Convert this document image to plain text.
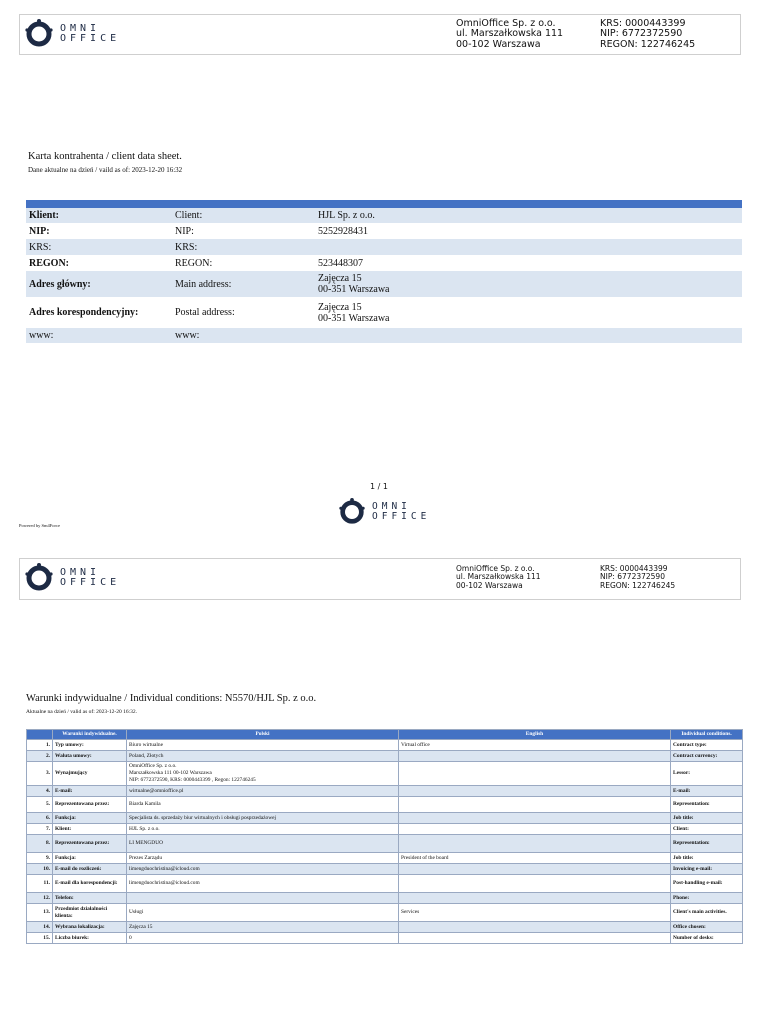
OMNI
OFFICE
OmniOffice Sp. z o.o.
ul. Marszałkowska 111
00-102 Warszawa
KRS: 0000443399
NIP: 6772372590
REGON: 122746245
Karta kontrahenta / client data sheet.
Dane aktualne na dzień / vaild as of: 2023-12-20 16:32

Klient:	Client:	HJL Sp. z o.o.
NIP:	NIP:	5252928431
KRS:	KRS:	
REGON:	REGON:	523448307
Adres główny:	Main address:	Zajęcza 15
00-351 Warszawa

Adres korespondencyjny:	Postal address:	Zajęcza 15
00-351 Warszawa

www:	www:	
1 / 1
OMNI
OFFICE
Powered by Sm4Force
OMNI
OFFICE
OmniOffice Sp. z o.o.
ul. Marszałkowska 111
00-102 Warszawa
KRS: 0000443399
NIP: 6772372590
REGON: 122746245
Warunki indywidualne / Individual conditions: N5570/HJL Sp. z o.o.
Aktualne na dzień / valid as of: 2023-12-20 16:32.
	Warunki indywidualne.	Polski	English	Individual conditions.
1.	Typ umowy:	Biuro wirtualne	Virtual office	Contract type:
2.	Waluta umowy:	Poland, Złotych		Contract currency:
3.	Wynajmujący	OmniOffice Sp. z o.o.
Marszałkowska 111 00-102 Warszawa
NIP: 6772372590, KRS: 0000443399 , Regon: 122746245		Lessor:
4.	E-mail:	wirtualne@omnioffice.pl		E-mail:
5.	Reprezentowana przez:	Biarda Kamila		Representation:
6.	Funkcja:	Specjalista ds. sprzedaży biur wirtualnych i obsługi posprzedażowej		Job title:
7.	Klient:	HJL Sp. z o.o.		Client:
8.	Reprezentowana przez:	LI MENGDUO		Representation:
9.	Funkcja:	Prezes Zarządu	President of the board	Job title:
10.	E-mail do rozliczeń:	limengduochristina@icloud.com		Invoicing e-mail:
11.	E-mail dla korespondencji:	limengduochristina@icloud.com		Post-handling e-mail:
12.	Telefon:			Phone:
13.	Przedmiot działalności klienta:	Usługi	Services	Client's main activities.
14.	Wybrana lokalizacja:	Zajęcza 15		Office chosen:
15.	Liczba biurek:	0		Number of desks:
